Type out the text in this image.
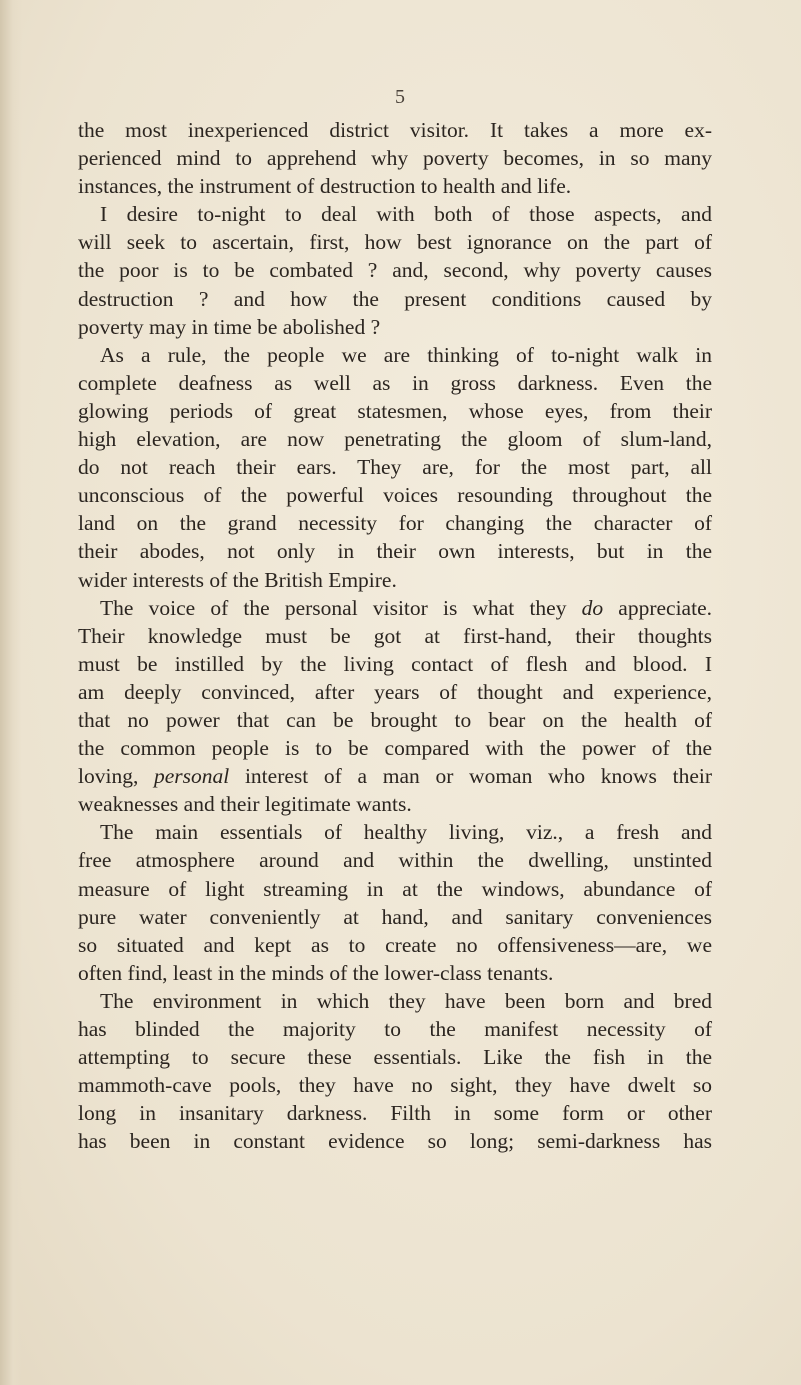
5
the most inexperienced district visitor. It takes a more ex-
perienced mind to apprehend why poverty becomes, in so many
instances, the instrument of destruction to health and life.
I desire to-night to deal with both of those aspects, and
will seek to ascertain, first, how best ignorance on the part of
the poor is to be combated ? and, second, why poverty causes
destruction ? and how the present conditions caused by
poverty may in time be abolished ?
As a rule, the people we are thinking of to-night walk in
complete deafness as well as in gross darkness. Even the
glowing periods of great statesmen, whose eyes, from their
high elevation, are now penetrating the gloom of slum-land,
do not reach their ears. They are, for the most part, all
unconscious of the powerful voices resounding throughout the
land on the grand necessity for changing the character of
their abodes, not only in their own interests, but in the
wider interests of the British Empire.
The voice of the personal visitor is what they do appreciate.
Their knowledge must be got at first-hand, their thoughts
must be instilled by the living contact of flesh and blood. I
am deeply convinced, after years of thought and experience,
that no power that can be brought to bear on the health of
the common people is to be compared with the power of the
loving, personal interest of a man or woman who knows their
weaknesses and their legitimate wants.
The main essentials of healthy living, viz., a fresh and
free atmosphere around and within the dwelling, unstinted
measure of light streaming in at the windows, abundance of
pure water conveniently at hand, and sanitary conveniences
so situated and kept as to create no offensiveness—are, we
often find, least in the minds of the lower-class tenants.
The environment in which they have been born and bred
has blinded the majority to the manifest necessity of
attempting to secure these essentials. Like the fish in the
mammoth-cave pools, they have no sight, they have dwelt so
long in insanitary darkness. Filth in some form or other
has been in constant evidence so long; semi-darkness has
